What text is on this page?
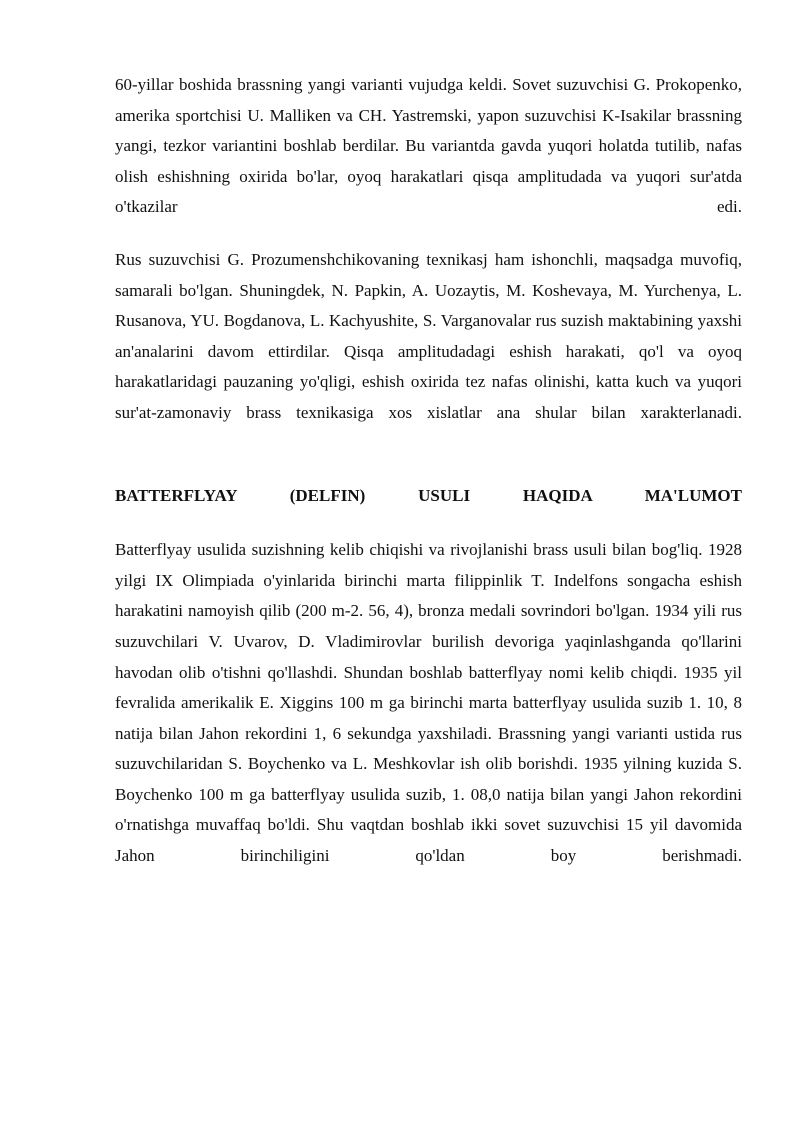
60-yillar boshida brassning yangi varianti vujudga keldi. Sovet suzuvchisi G. Prokopenko, amerika sportchisi U. Malliken va CH. Yastremski, yapon suzuvchisi K-Isakilar brassning yangi, tezkor variantini boshlab berdilar. Bu variantda gavda yuqori holatda tutilib, nafas olish eshishning oxirida bo'lar, oyoq harakatlari qisqa amplitudada va yuqori sur'atda o'tkazilar edi.

Rus suzuvchisi G. Prozumenshchikovaning texnikasj ham ishonchli, maqsadga muvofiq, samarali bo'lgan. Shuningdek, N. Papkin, A. Uozaytis, M. Koshevaya, M. Yurchenya, L. Rusanova, YU. Bogdanova, L. Kachyushite, S. Varganovalar rus suzish maktabining yaxshi an'analarini davom ettirdilar. Qisqa amplitudadagi eshish harakati, qo'l va oyoq harakatlaridagi pauzaning yo'qligi, eshish oxirida tez nafas olinishi, katta kuch va yuqori sur'at-zamonaviy brass texnikasiga xos xislatlar ana shular bilan xarakterlanadi.

BATTERFLYAY (DELFIN) USULI HAQIDA MA'LUMOT

Batterflyay usulida suzishning kelib chiqishi va rivojlanishi brass usuli bilan bog'liq. 1928 yilgi IX Olimpiada o'yinlarida birinchi marta filippinlik T. Indelfons songacha eshish harakatini namoyish qilib (200 m-2. 56, 4), bronza medali sovrindori bo'lgan. 1934 yili rus suzuvchilari V. Uvarov, D. Vladimirovlar burilish devoriga yaqinlashganda qo'llarini havodan olib o'tishni qo'llashdi. Shundan boshlab batterflyay nomi kelib chiqdi. 1935 yil fevralida amerikalik E. Xiggins 100 m ga birinchi marta batterflyay usulida suzib 1. 10, 8 natija bilan Jahon rekordini 1, 6 sekundga yaxshiladi. Brassning yangi varianti ustida rus suzuvchilaridan S. Boychenko va L. Meshkovlar ish olib borishdi. 1935 yilning kuzida S. Boychenko 100 m ga batterflyay usulida suzib, 1. 08,0 natija bilan yangi Jahon rekordini o'rnatishga muvaffaq bo'ldi. Shu vaqtdan boshlab ikki sovet suzuvchisi 15 yil davomida Jahon birinchiligini qo'ldan boy berishmadi.
